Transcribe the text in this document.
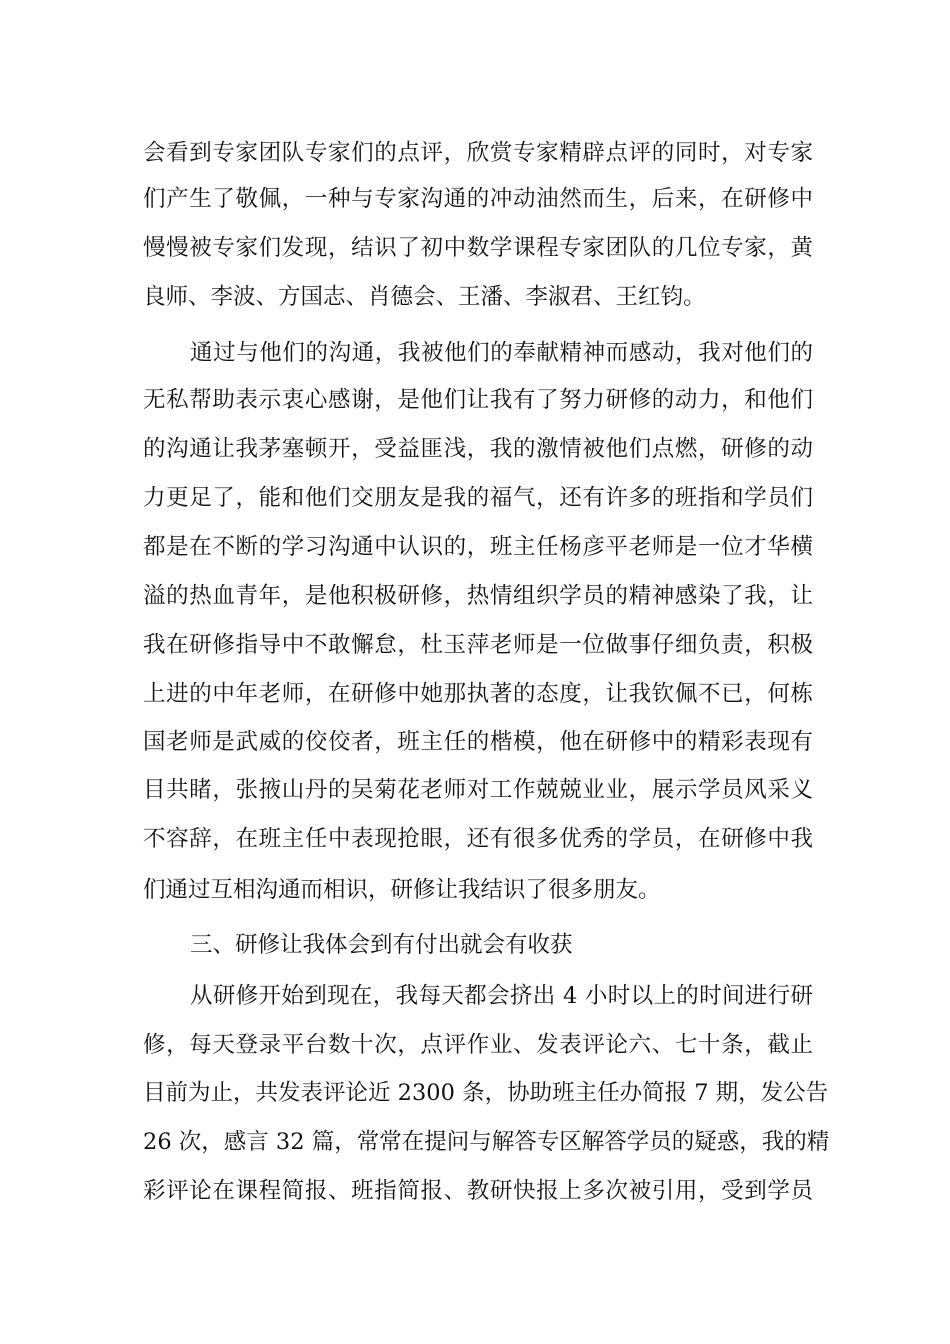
会看到专家团队专家们的点评，欣赏专家精辟点评的同时，对专家
们产生了敬佩，一种与专家沟通的冲动油然而生，后来，在研修中
慢慢被专家们发现，结识了初中数学课程专家团队的几位专家，黄
良师、李波、方国志、肖德会、王潘、李淑君、王红钧。
通过与他们的沟通，我被他们的奉献精神而感动，我对他们的
无私帮助表示衷心感谢，是他们让我有了努力研修的动力，和他们
的沟通让我茅塞顿开，受益匪浅，我的激情被他们点燃，研修的动
力更足了，能和他们交朋友是我的福气，还有许多的班指和学员们
都是在不断的学习沟通中认识的，班主任杨彦平老师是一位才华横
溢的热血青年，是他积极研修，热情组织学员的精神感染了我，让
我在研修指导中不敢懈怠，杜玉萍老师是一位做事仔细负责，积极
上进的中年老师，在研修中她那执著的态度，让我钦佩不已，何栋
国老师是武威的佼佼者，班主任的楷模，他在研修中的精彩表现有
目共睹，张掖山丹的吴菊花老师对工作兢兢业业，展示学员风采义
不容辞，在班主任中表现抢眼，还有很多优秀的学员，在研修中我
们通过互相沟通而相识，研修让我结识了很多朋友。
三、研修让我体会到有付出就会有收获
从研修开始到现在，我每天都会挤出 4 小时以上的时间进行研
修，每天登录平台数十次，点评作业、发表评论六、七十条，截止
目前为止，共发表评论近 2300 条，协助班主任办简报 7 期，发公告
26 次，感言 32 篇，常常在提问与解答专区解答学员的疑惑，我的精
彩评论在课程简报、班指简报、教研快报上多次被引用，受到学员
